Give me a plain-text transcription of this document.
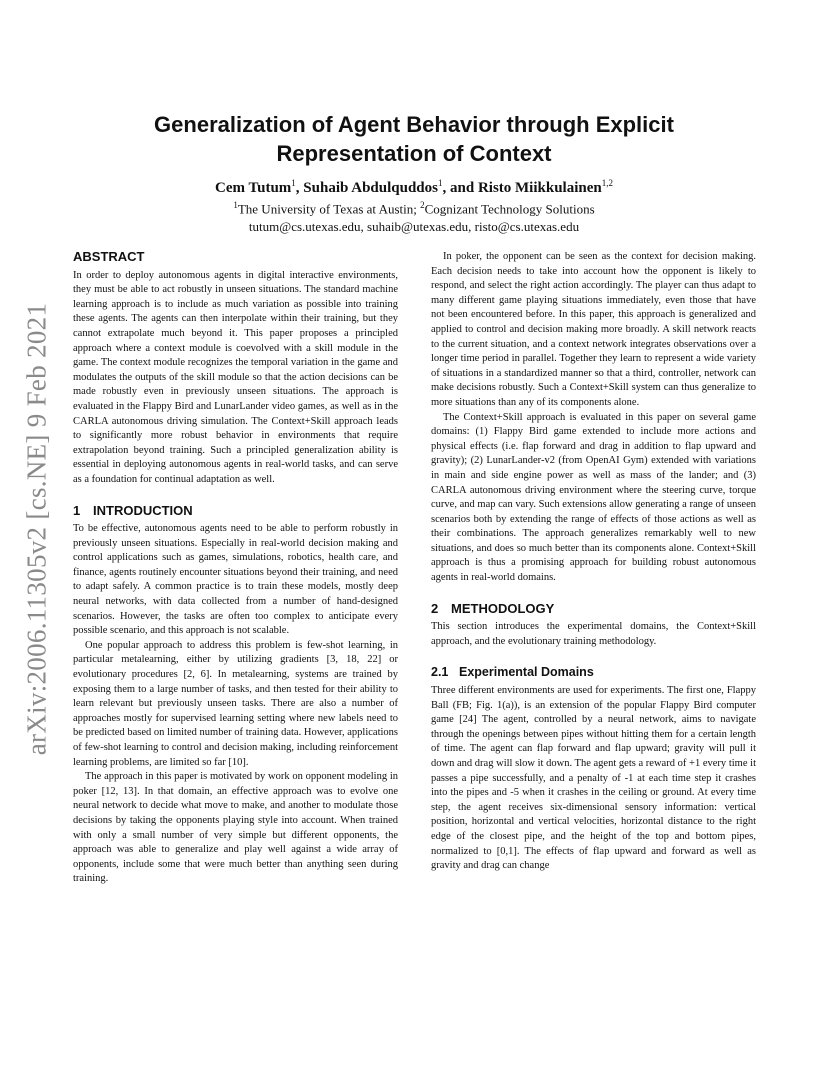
arXiv:2006.11305v2 [cs.NE] 9 Feb 2021
Generalization of Agent Behavior through Explicit
Representation of Context
Cem Tutum$^1$, Suhaib Abdulquddos$^1$, and Risto Miikkulainen$^{1,2}$
$^1$The University of Texas at Austin; $^2$Cognizant Technology Solutions
tutum@cs.utexas.edu, suhaib@utexas.edu, risto@cs.utexas.edu
ABSTRACT

In order to deploy autonomous agents in digital interactive environments, they must be able to act robustly in unseen situations. The standard machine learning approach is to include as much variation as possible into training these agents. The agents can then interpolate within their training, but they cannot extrapolate much beyond it. This paper proposes a principled approach where a context module is coevolved with a skill module in the game. The context module recognizes the temporal variation in the game and modulates the outputs of the skill module so that the action decisions can be made robustly even in previously unseen situations. The approach is evaluated in the Flappy Bird and LunarLander video games, as well as in the CARLA autonomous driving simulation. The Context+Skill approach leads to significantly more robust behavior in environments that require extrapolation beyond training. Such a principled generalization ability is essential in deploying autonomous agents in real-world tasks, and can serve as a foundation for continual adaptation as well.

1 INTRODUCTION

To be effective, autonomous agents need to be able to perform robustly in previously unseen situations. Especially in real-world decision making and control applications such as games, simulations, robotics, health care, and finance, agents routinely encounter situations beyond their training, and need to adapt safely. A common practice is to train these models, mostly deep neural networks, with data collected from a number of hand-designed scenarios. However, the tasks are often too complex to anticipate every possible scenario, and this approach is not scalable.

One popular approach to address this problem is few-shot learning, in particular metalearning, either by utilizing gradients [3, 18, 22] or evolutionary procedures [2, 6]. In metalearning, systems are trained by exposing them to a large number of tasks, and then tested for their ability to learn relevant but previously unseen tasks. There are also a number of approaches mostly for supervised learning setting where new labels need to be predicted based on limited number of training data. However, applications of few-shot learning to control and decision making, including reinforcement learning problems, are limited so far [10].

The approach in this paper is motivated by work on opponent modeling in poker [12, 13]. In that domain, an effective approach was to evolve one neural network to decide what move to make, and another to modulate those decisions by taking the opponents playing style into account. When trained with only a small number of very simple but different opponents, the approach was able to generalize and play well against a wide array of opponents, include some that were much better than anything seen during training.

In poker, the opponent can be seen as the context for decision making. Each decision needs to take into account how the opponent is likely to respond, and select the right action accordingly. The player can thus adapt to many different game playing situations immediately, even those that have not been encountered before. In this paper, this approach is generalized and applied to control and decision making more broadly. A skill network reacts to the current situation, and a context network integrates observations over a longer time period in parallel. Together they learn to represent a wide variety of situations in a standardized manner so that a third, controller, network can make decisions robustly. Such a Context+Skill system can thus generalize to more situations than any of its components alone.

The Context+Skill approach is evaluated in this paper on several game domains: (1) Flappy Bird game extended to include more actions and physical effects (i.e. flap forward and drag in addition to flap upward and gravity); (2) LunarLander-v2 (from OpenAI Gym) extended with variations in main and side engine power as well as mass of the lander; and (3) CARLA autonomous driving environment where the steering curve, torque curve, and map can vary. Such extensions allow generating a range of unseen scenarios both by extending the range of effects of those actions as well as their combinations. The approach generalizes remarkably well to new situations, and does so much better than its components alone. Context+Skill approach is thus a promising approach for building robust autonomous agents in real-world domains.

2 METHODOLOGY

This section introduces the experimental domains, the Context+Skill approach, and the evolutionary training methodology.

2.1 Experimental Domains

Three different environments are used for experiments. The first one, Flappy Ball (FB; Fig. 1(a)), is an extension of the popular Flappy Bird computer game [24] The agent, controlled by a neural network, aims to navigate through the openings between pipes without hitting them for a certain length of time. The agent can flap forward and flap upward; gravity will pull it down and drag will slow it down. The agent gets a reward of +1 every time it passes a pipe successfully, and a penalty of -1 at each time step it crashes into the pipes and -5 when it crashes in the ceiling or ground. At every time step, the agent receives six-dimensional sensory information: vertical position, horizontal and vertical velocities, horizontal distance to the right edge of the closest pipe, and the height of the top and bottom pipes, normalized to [0,1]. The effects of flap upward and forward as well as gravity and drag can change
